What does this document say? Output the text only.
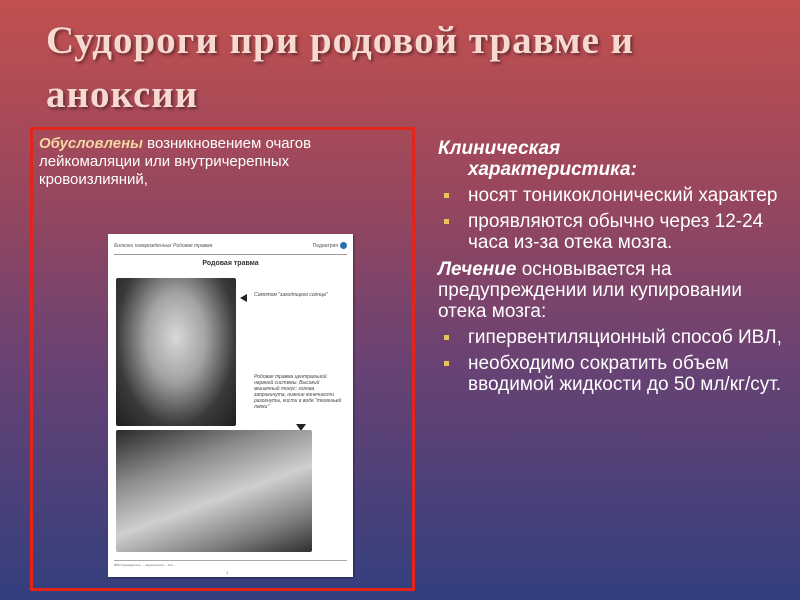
Судороги при родовой травме и аноксии
Обусловлены возникновением очагов лейкомаляции или внутричерепных кровоизлияний,
Болезни новорожденных Родовая травма	Педиатрия
Родовая травма
Симптом "заходящего солнца"
Родовая травма центральной нервной системы. Высокий мышечный тонус: голова запрокинута, нижние конечности разогнуты, кисти в виде "тюленьей лапки"
ФИО Руководитель ... издательство ... Тел. ...
1
Клиническая
характеристика:
носят тоникоклонический характер
проявляются обычно через 12-24 часа из-за отека мозга.
Лечение основывается на предупреждении или купировании отека мозга:
гипервентиляционный способ ИВЛ,
необходимо сократить объем вводимой жидкости до 50 мл/кг/сут.
